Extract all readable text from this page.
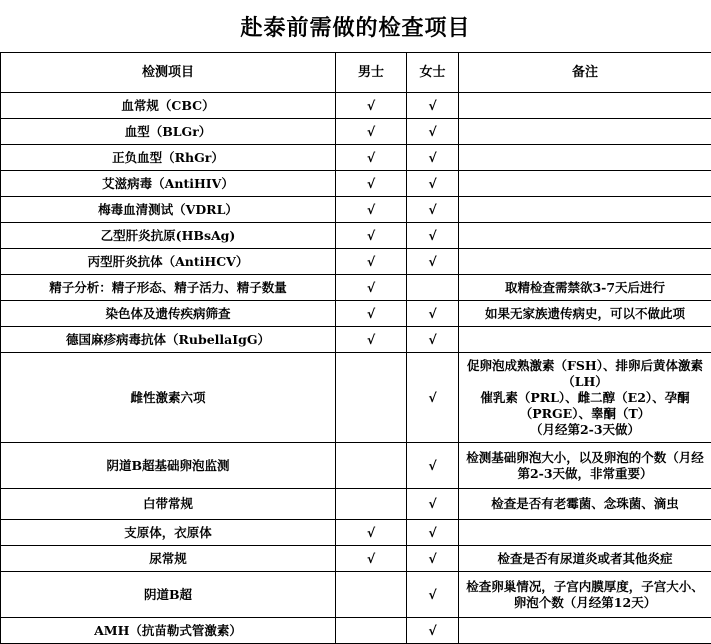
赴泰前需做的检查项目
检测项目	男士	女士	备注
血常规（CBC）	√	√	
血型（BLGr）	√	√	
正负血型（RhGr）	√	√	
艾滋病毒（AntiHIV）	√	√	
梅毒血清测试（VDRL）	√	√	
乙型肝炎抗原(HBsAg)	√	√	
丙型肝炎抗体（AntiHCV）	√	√	
精子分析：精子形态、精子活力、精子数量	√		取精检查需禁欲3-7天后进行
染色体及遗传疾病筛查	√	√	如果无家族遗传病史，可以不做此项
德国麻疹病毒抗体（RubellaIgG）	√	√	
雌性激素六项		√	促卵泡成熟激素（FSH）、排卵后黄体激素（LH）
催乳素（PRL）、雌二醇（E2）、孕酮（PRGE）、睾酮（T）
（月经第2-3天做）
阴道B超基础卵泡监测		√	检测基础卵泡大小，以及卵泡的个数（月经第2-3天做，非常重要）
白带常规		√	检查是否有老霉菌、念珠菌、滴虫
支原体，衣原体	√	√	
尿常规	√	√	检查是否有尿道炎或者其他炎症
阴道B超		√	检查卵巢情况，子宫内膜厚度，子宫大小、卵泡个数（月经第12天）
AMH（抗苗勒式管激素）		√	
